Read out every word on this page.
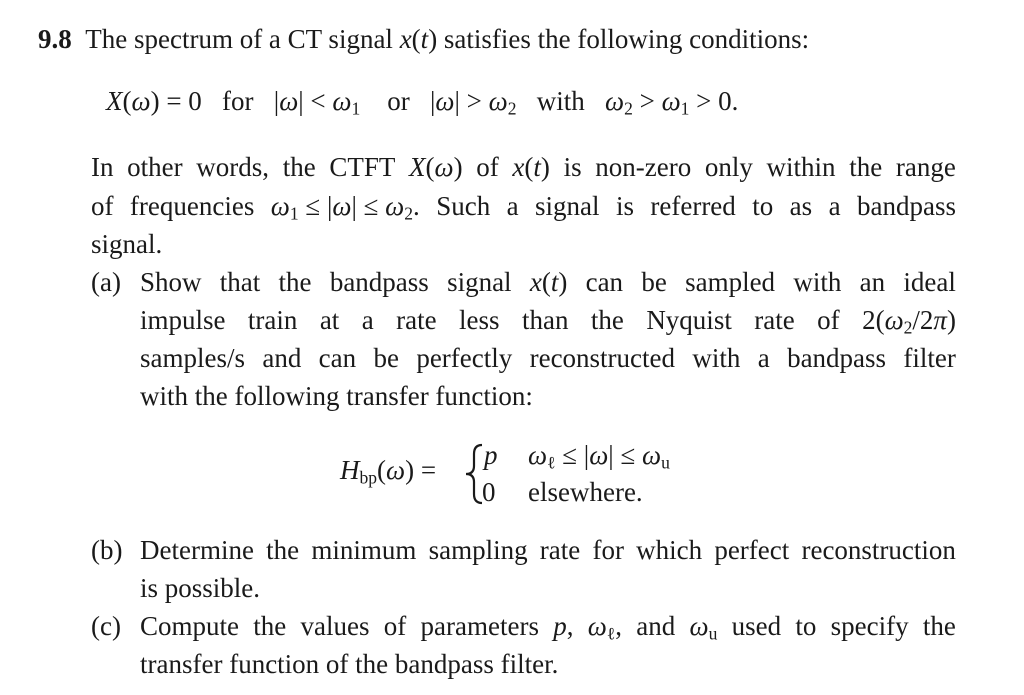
9.8  The spectrum of a CT signal x(t) satisfies the following conditions:
X(ω) = 0   for   $|\omega| < \omega_1$    or   $|\omega| > \omega_2$   with   $\omega_2 > \omega_1 > 0$.
In other words, the CTFT X(ω) of x(t) is non-zero only within the range
of frequencies $\omega_1 \le |\omega| \le \omega_2$. Such a signal is referred to as a bandpass
signal.
(a) Show that the bandpass signal x(t) can be sampled with an ideal
impulse train at a rate less than the Nyquist rate of $2(\omega_2/2\pi)$
samples/s and can be perfectly reconstructed with a bandpass filter
with the following transfer function:
$H_{bp}(\omega) = p$ $\omega_\ell \le |\omega| \le \omega_u$
0 elsewhere.
(b) Determine the minimum sampling rate for which perfect reconstruction
is possible.
(c) Compute the values of parameters p, $\omega_\ell$, and $\omega_u$ used to specify the
transfer function of the bandpass filter.
